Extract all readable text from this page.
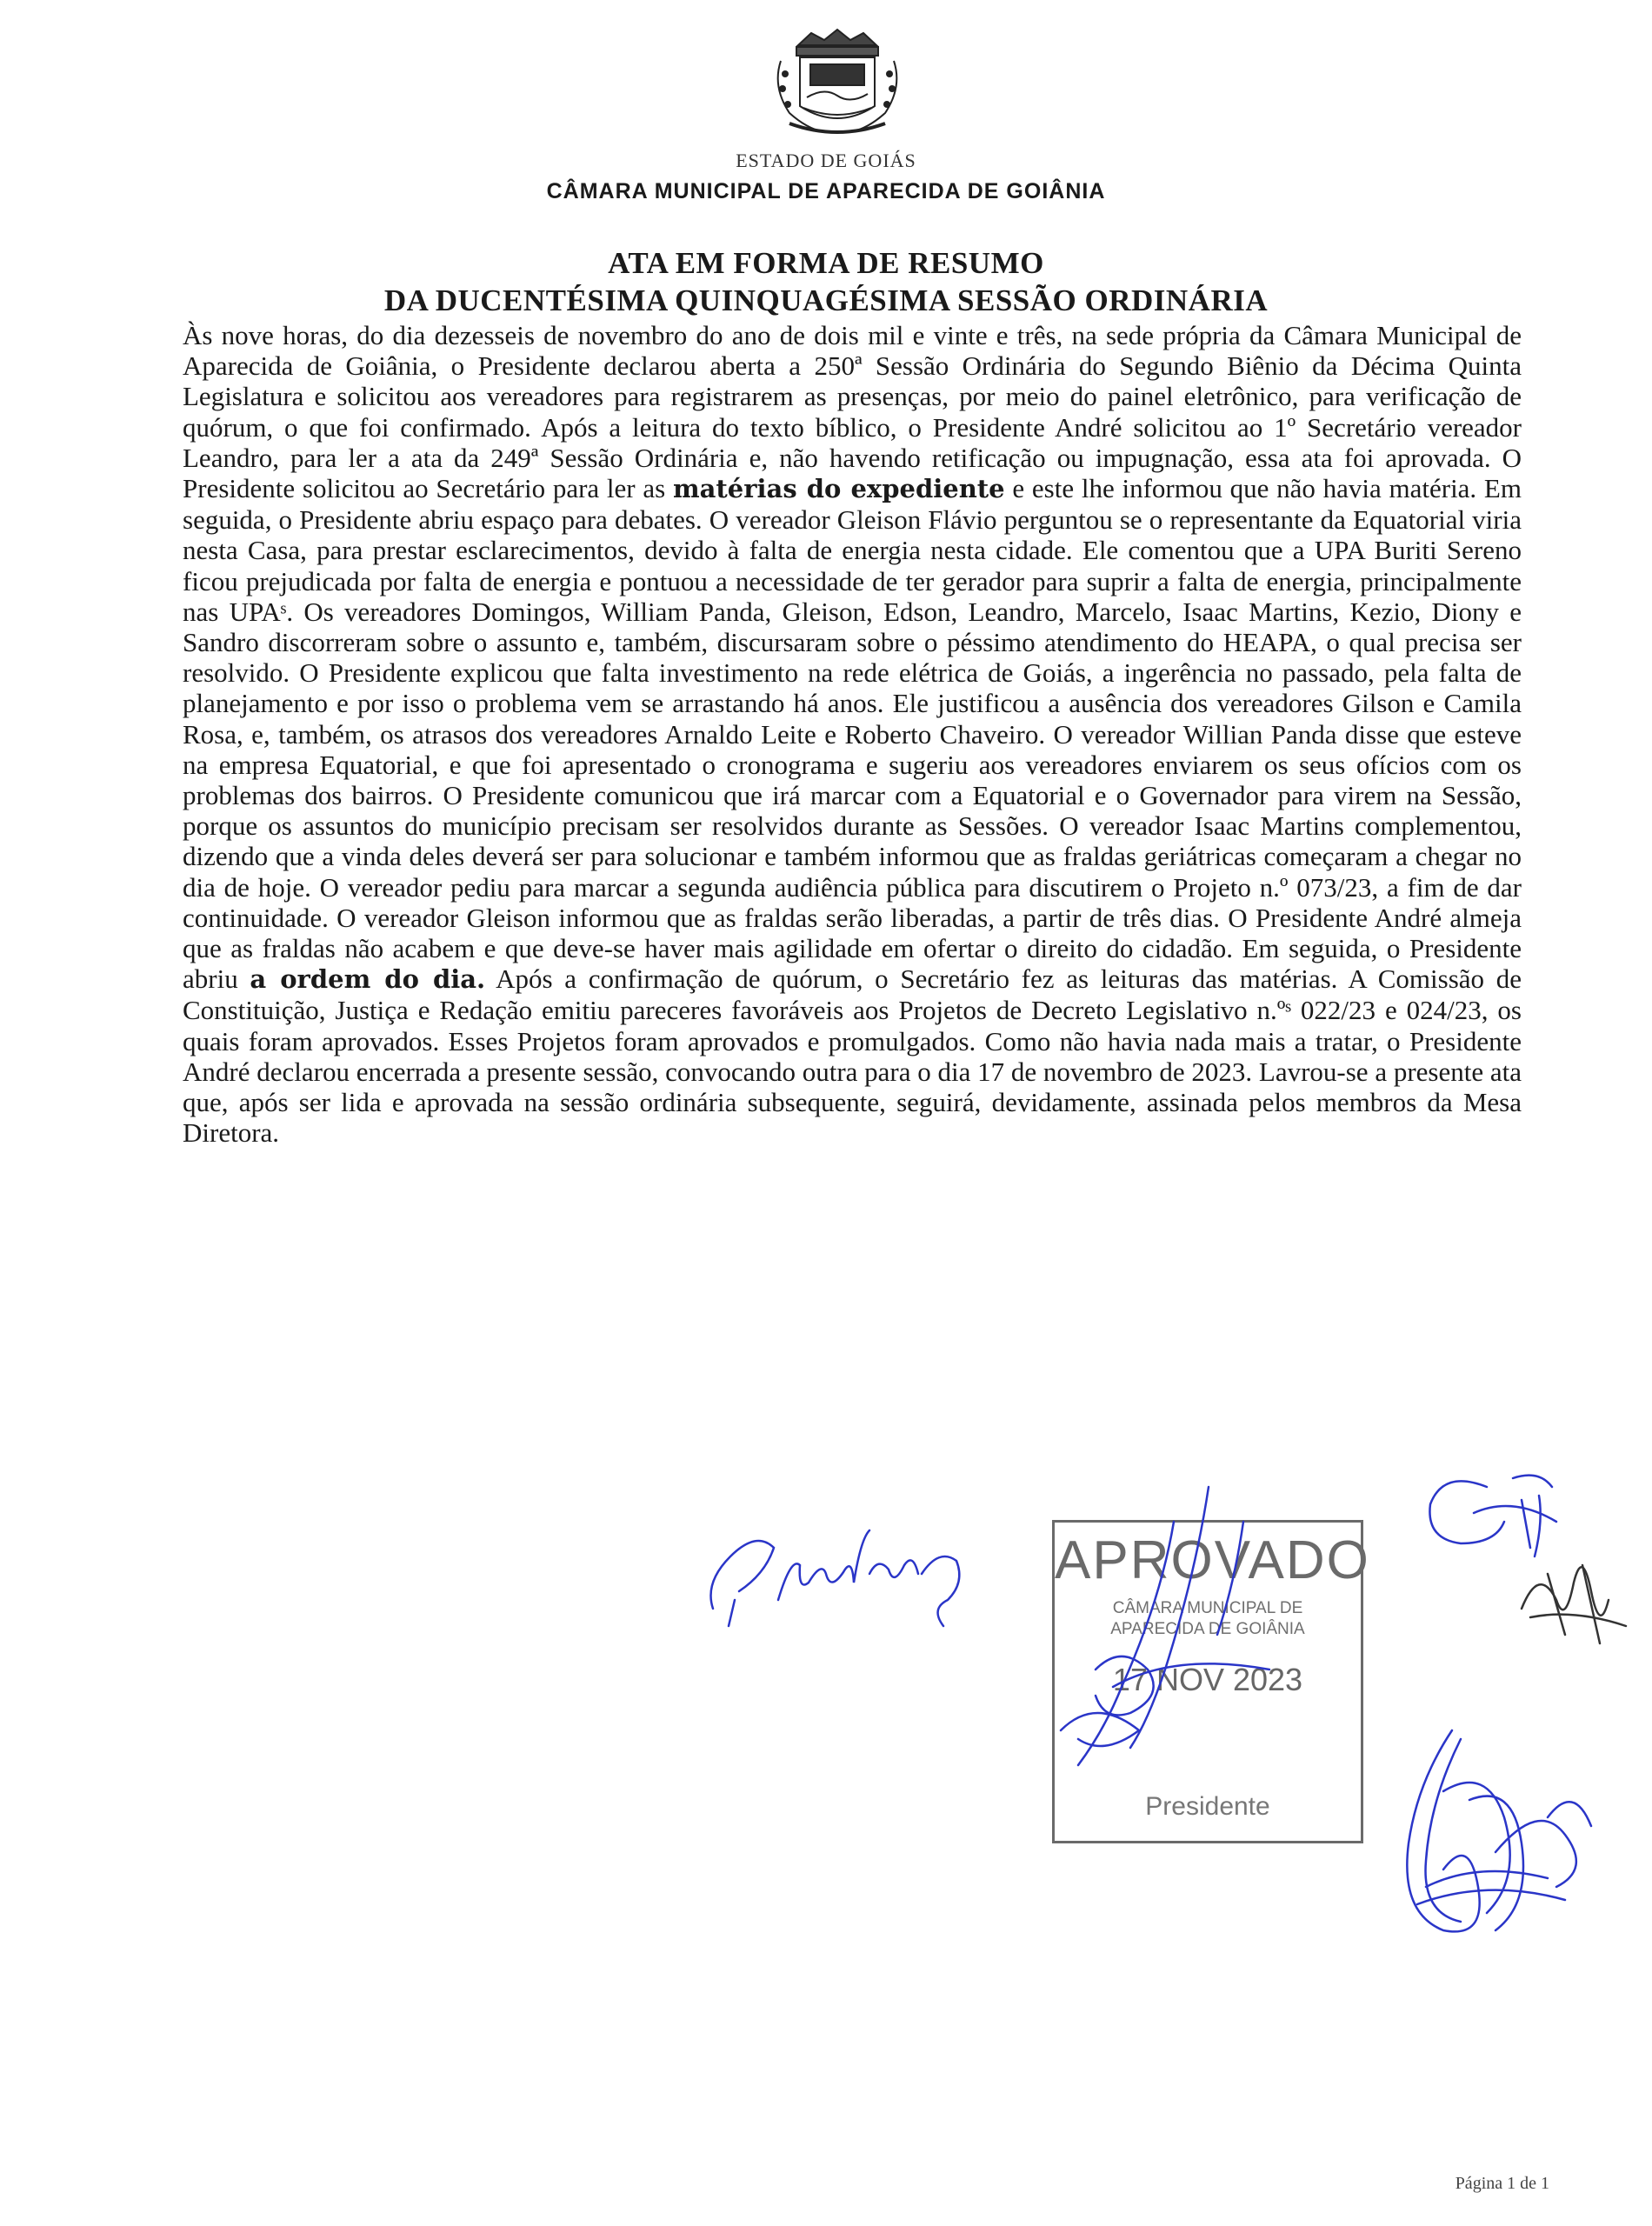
ESTADO DE GOIÁS
CÂMARA MUNICIPAL DE APARECIDA DE GOIÂNIA
ATA EM FORMA DE RESUMO
DA DUCENTÉSIMA QUINQUAGÉSIMA SESSÃO ORDINÁRIA

Às nove horas, do dia dezesseis de novembro do ano de dois mil e vinte e três, na sede própria da Câmara Municipal de Aparecida de Goiânia, o Presidente declarou aberta a 250ª Sessão Ordinária do Segundo Biênio da Décima Quinta Legislatura e solicitou aos vereadores para registrarem as presenças, por meio do painel eletrônico, para verificação de quórum, o que foi confirmado. Após a leitura do texto bíblico, o Presidente André solicitou ao 1º Secretário vereador Leandro, para ler a ata da 249ª Sessão Ordinária e, não havendo retificação ou impugnação, essa ata foi aprovada. O Presidente solicitou ao Secretário para ler as matérias do expediente e este lhe informou que não havia matéria. Em seguida, o Presidente abriu espaço para debates. O vereador Gleison Flávio perguntou se o representante da Equatorial viria nesta Casa, para prestar esclarecimentos, devido à falta de energia nesta cidade. Ele comentou que a UPA Buriti Sereno ficou prejudicada por falta de energia e pontuou a necessidade de ter gerador para suprir a falta de energia, principalmente nas UPAˢ. Os vereadores Domingos, William Panda, Gleison, Edson, Leandro, Marcelo, Isaac Martins, Kezio, Diony e Sandro discorreram sobre o assunto e, também, discursaram sobre o péssimo atendimento do HEAPA, o qual precisa ser resolvido. O Presidente explicou que falta investimento na rede elétrica de Goiás, a ingerência no passado, pela falta de planejamento e por isso o problema vem se arrastando há anos. Ele justificou a ausência dos vereadores Gilson e Camila Rosa, e, também, os atrasos dos vereadores Arnaldo Leite e Roberto Chaveiro. O vereador Willian Panda disse que esteve na empresa Equatorial, e que foi apresentado o cronograma e sugeriu aos vereadores enviarem os seus ofícios com os problemas dos bairros. O Presidente comunicou que irá marcar com a Equatorial e o Governador para virem na Sessão, porque os assuntos do município precisam ser resolvidos durante as Sessões. O vereador Isaac Martins complementou, dizendo que a vinda deles deverá ser para solucionar e também informou que as fraldas geriátricas começaram a chegar no dia de hoje. O vereador pediu para marcar a segunda audiência pública para discutirem o Projeto n.º 073/23, a fim de dar continuidade. O vereador Gleison informou que as fraldas serão liberadas, a partir de três dias. O Presidente André almeja que as fraldas não acabem e que deve-se haver mais agilidade em ofertar o direito do cidadão. Em seguida, o Presidente abriu a ordem do dia. Após a confirmação de quórum, o Secretário fez as leituras das matérias. A Comissão de Constituição, Justiça e Redação emitiu pareceres favoráveis aos Projetos de Decreto Legislativo n.ºˢ 022/23 e 024/23, os quais foram aprovados. Esses Projetos foram aprovados e promulgados. Como não havia nada mais a tratar, o Presidente André declarou encerrada a presente sessão, convocando outra para o dia 17 de novembro de 2023. Lavrou-se a presente ata que, após ser lida e aprovada na sessão ordinária subsequente, seguirá, devidamente, assinada pelos membros da Mesa Diretora.

APROVADO
CÂMARA MUNICIPAL DE
APARECIDA DE GOIÂNIA
17 NOV 2023
Presidente
Página 1 de 1
